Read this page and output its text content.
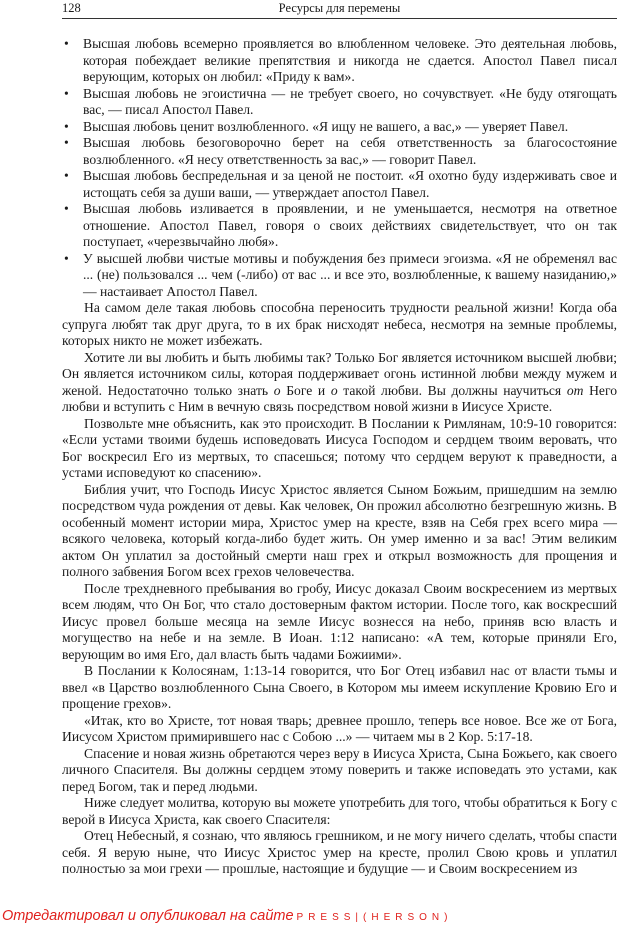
128	Ресурсы для перемены
• Высшая любовь всемерно проявляется во влюбленном человеке. Это деятельная любовь, которая побеждает великие препятствия и никогда не сдается. Апостол Павел писал верующим, которых он любил: «Приду к вам».
• Высшая любовь не эгоистична — не требует своего, но сочувствует. «Не буду отягощать вас, — писал Апостол Павел.
• Высшая любовь ценит возлюбленного. «Я ищу не вашего, а вас,» — уверяет Павел.
• Высшая любовь безоговорочно берет на себя ответственность за благосостояние возлюбленного. «Я несу ответственность за вас,» — говорит Павел.
• Высшая любовь беспредельная и за ценой не постоит. «Я охотно буду издерживать свое и истощать себя за души ваши, — утверждает апостол Павел.
• Высшая любовь изливается в проявлении, и не уменьшается, несмотря на ответное отношение. Апостол Павел, говоря о своих действиях свидетельствует, что он так поступает, «черезвычайно любя».
• У высшей любви чистые мотивы и побуждения без примеси эгоизма. «Я не обременял вас ... (не) пользовался ... чем (-либо) от вас ... и все это, возлюбленные, к вашему назиданию,» — настаивает Апостол Павел.

На самом деле такая любовь способна переносить трудности реальной жизни! Когда оба супруга любят так друг друга, то в их брак нисходят небеса, несмотря на земные проблемы, которых никто не может избежать.

Хотите ли вы любить и быть любимы так? Только Бог является источником высшей любви; Он является источником силы, которая поддерживает огонь истинной любви между мужем и женой. Недостаточно только знать о Боге и о такой любви. Вы должны научиться от Него любви и вступить с Ним в вечную связь посредством новой жизни в Иисусе Христе.

Позвольте мне объяснить, как это происходит. В Послании к Римлянам, 10:9-10 говорится: «Если устами твоими будешь исповедовать Иисуса Господом и сердцем твоим веровать, что Бог воскресил Его из мертвых, то спасешься; потому что сердцем веруют к праведности, а устами исповедуют ко спасению».

Библия учит, что Господь Иисус Христос является Сыном Божьим, пришедшим на землю посредством чуда рождения от девы. Как человек, Он прожил абсолютно безгрешную жизнь. В особенный момент истории мира, Христос умер на кресте, взяв на Себя грех всего мира — всякого человека, который когда-либо будет жить. Он умер именно и за вас! Этим великим актом Он уплатил за достойный смерти наш грех и открыл возможность для прощения и полного забвения Богом всех грехов человечества.

После трехдневного пребывания во гробу, Иисус доказал Своим воскресением из мертвых всем людям, что Он Бог, что стало достоверным фактом истории. После того, как воскресший Иисус провел больше месяца на земле Иисус вознесся на небо, приняв всю власть и могущество на небе и на земле. В Иоан. 1:12 написано: «А тем, которые приняли Его, верующим во имя Его, дал власть быть чадами Божиими».

В Послании к Колосянам, 1:13-14 говорится, что Бог Отец избавил нас от власти тьмы и ввел «в Царство возлюбленного Сына Своего, в Котором мы имеем искупление Кровию Его и прощение грехов».

«Итак, кто во Христе, тот новая тварь; древнее прошло, теперь все новое. Все же от Бога, Иисусом Христом примирившего нас с Собою ...» — читаем мы в 2 Кор. 5:17-18.

Спасение и новая жизнь обретаются через веру в Иисуса Христа, Сына Божьего, как своего личного Спасителя. Вы должны сердцем этому поверить и также исповедать это устами, как перед Богом, так и перед людьми.

Ниже следует молитва, которую вы можете употребить для того, чтобы обратиться к Богу с верой в Иисуса Христа, как своего Спасителя:

Отец Небесный, я сознаю, что являюсь грешником, и не могу ничего сделать, чтобы спасти себя. Я верую ныне, что Иисус Христос умер на кресте, пролил Свою кровь и уплатил полностью за мои грехи — прошлые, настоящие и будущие — и Своим воскресением из

Отредактировал и опубликовал на сайте PRESS|(HERSON)
